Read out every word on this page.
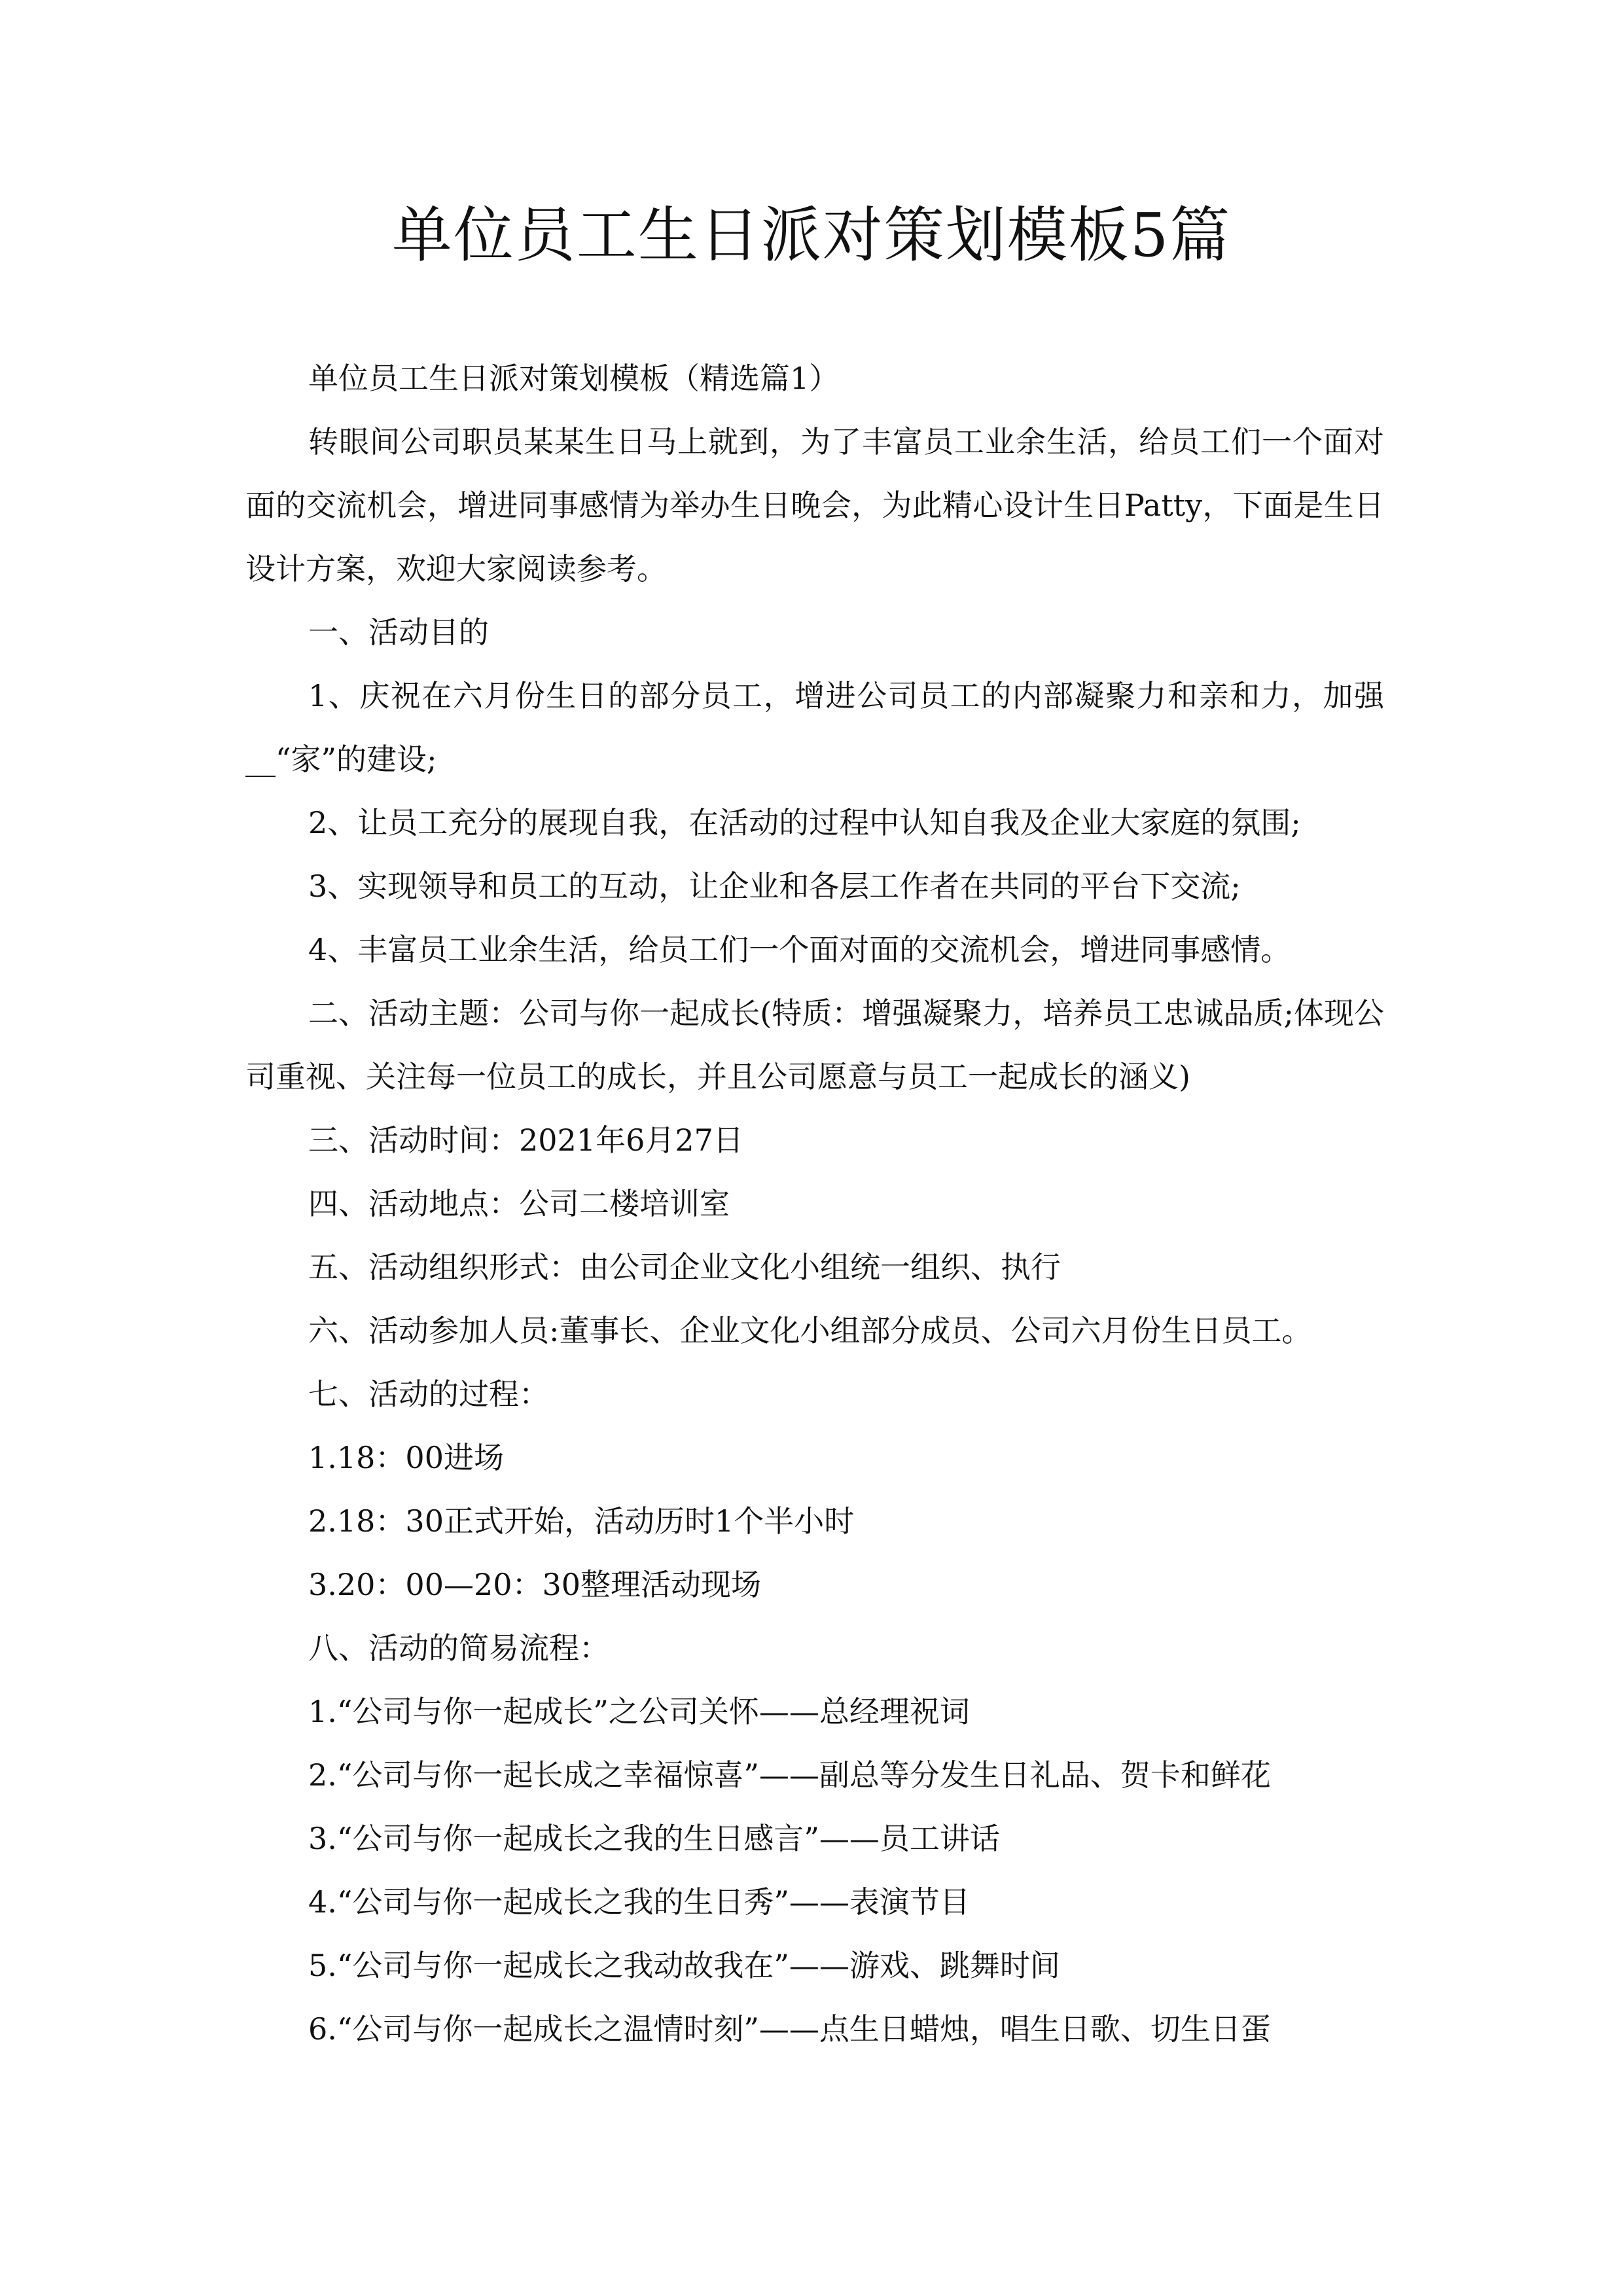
单位员工生日派对策划模板5篇

单位员工生日派对策划模板（精选篇1）

转眼间公司职员某某生日马上就到，为了丰富员工业余生活，给员工们一个面对面的交流机会，增进同事感情为举办生日晚会，为此精心设计生日Patty，下面是生日设计方案，欢迎大家阅读参考。

一、活动目的

1、庆祝在六月份生日的部分员工，增进公司员工的内部凝聚力和亲和力，加强__“家”的建设;

2、让员工充分的展现自我，在活动的过程中认知自我及企业大家庭的氛围;

3、实现领导和员工的互动，让企业和各层工作者在共同的平台下交流;

4、丰富员工业余生活，给员工们一个面对面的交流机会，增进同事感情。

二、活动主题：公司与你一起成长(特质：增强凝聚力，培养员工忠诚品质;体现公司重视、关注每一位员工的成长，并且公司愿意与员工一起成长的涵义)

三、活动时间：2021年6月27日

四、活动地点：公司二楼培训室

五、活动组织形式：由公司企业文化小组统一组织、执行

六、活动参加人员:董事长、企业文化小组部分成员、公司六月份生日员工。

七、活动的过程：

1.18：00进场

2.18：30正式开始，活动历时1个半小时

3.20：00—20：30整理活动现场

八、活动的简易流程：

1.“公司与你一起成长”之公司关怀——总经理祝词

2.“公司与你一起长成之幸福惊喜”——副总等分发生日礼品、贺卡和鲜花

3.“公司与你一起成长之我的生日感言”——员工讲话

4.“公司与你一起成长之我的生日秀”——表演节目

5.“公司与你一起成长之我动故我在”——游戏、跳舞时间

6.“公司与你一起成长之温情时刻”——点生日蜡烛，唱生日歌、切生日蛋
